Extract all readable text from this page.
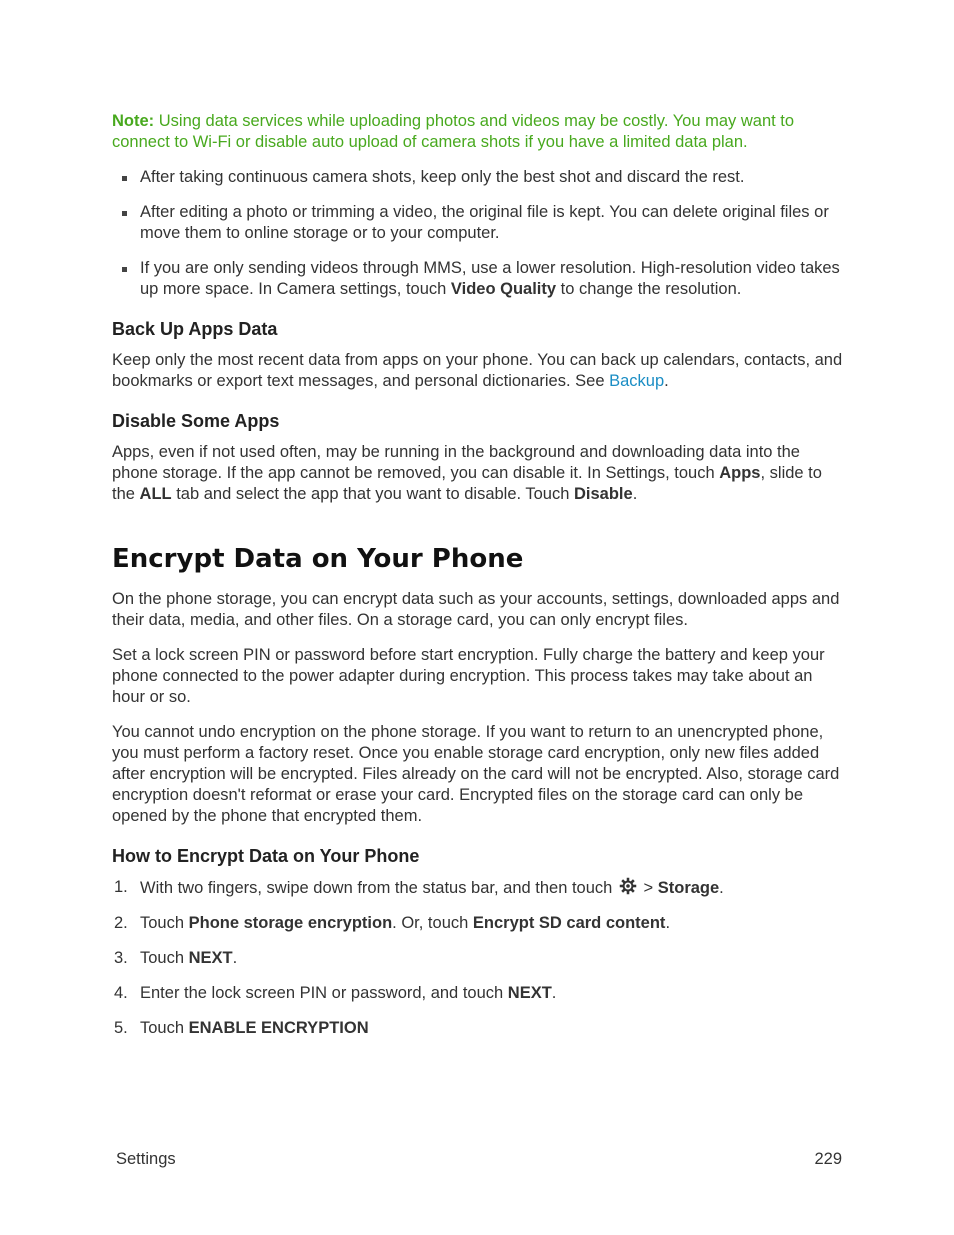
Note: Using data services while uploading photos and videos may be costly. You may want to connect to Wi-Fi or disable auto upload of camera shots if you have a limited data plan.

After taking continuous camera shots, keep only the best shot and discard the rest.
After editing a photo or trimming a video, the original file is kept. You can delete original files or move them to online storage or to your computer.
If you are only sending videos through MMS, use a lower resolution. High-resolution video takes up more space. In Camera settings, touch Video Quality to change the resolution.
Back Up Apps Data

Keep only the most recent data from apps on your phone. You can back up calendars, contacts, and bookmarks or export text messages, and personal dictionaries. See Backup.

Disable Some Apps

Apps, even if not used often, may be running in the background and downloading data into the phone storage. If the app cannot be removed, you can disable it. In Settings, touch Apps, slide to the ALL tab and select the app that you want to disable. Touch Disable.

Encrypt Data on Your Phone

On the phone storage, you can encrypt data such as your accounts, settings, downloaded apps and their data, media, and other files. On a storage card, you can only encrypt files.

Set a lock screen PIN or password before start encryption. Fully charge the battery and keep your phone connected to the power adapter during encryption. This process takes may take about an hour or so.

You cannot undo encryption on the phone storage. If you want to return to an unencrypted phone, you must perform a factory reset. Once you enable storage card encryption, only new files added after encryption will be encrypted. Files already on the card will not be encrypted. Also, storage card encryption doesn't reformat or erase your card. Encrypted files on the storage card can only be opened by the phone that encrypted them.

How to Encrypt Data on Your Phone
1. With two fingers, swipe down from the status bar, and then touch  > Storage.
2. Touch Phone storage encryption. Or, touch Encrypt SD card content.
3. Touch NEXT.
4. Enter the lock screen PIN or password, and touch NEXT.
5. Touch ENABLE ENCRYPTION
Settings	229
